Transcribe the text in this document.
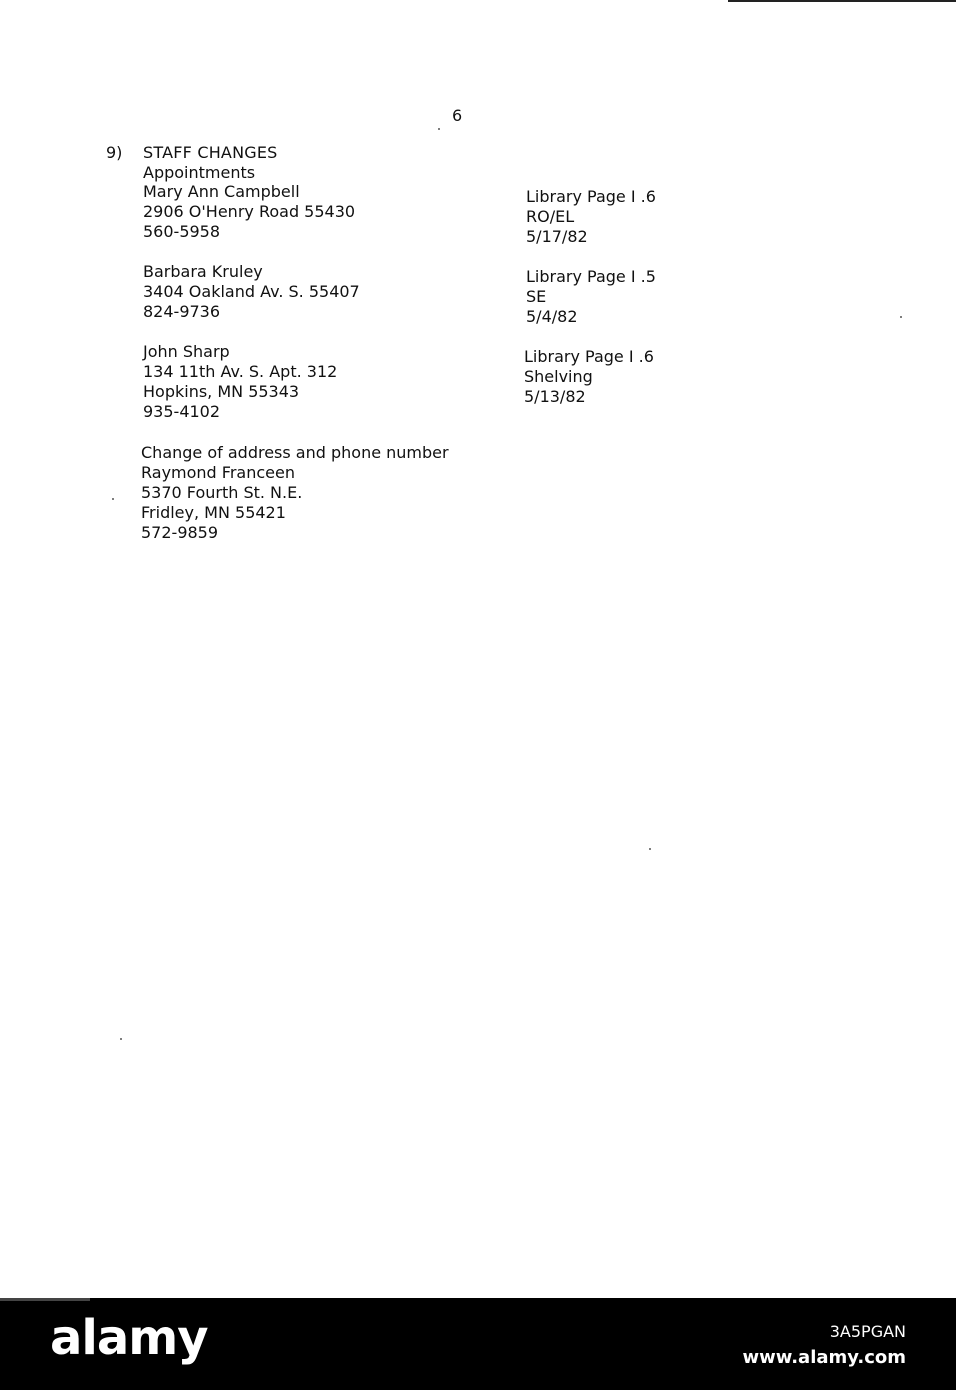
6
9) STAFF CHANGES
Appointments
Mary Ann Campbell
2906 O'Henry Road 55430
560-5958
Library Page I .6
RO/EL
5/17/82
Barbara Kruley
3404 Oakland Av. S. 55407
824-9736
Library Page I .5
SE
5/4/82
John Sharp
134 11th Av. S. Apt. 312
Hopkins, MN 55343
935-4102
Library Page I .6
Shelving
5/13/82
Change of address and phone number
Raymond Franceen
5370 Fourth St. N.E.
Fridley, MN 55421
572-9859
alamy	3A5PGAN
www.alamy.com
